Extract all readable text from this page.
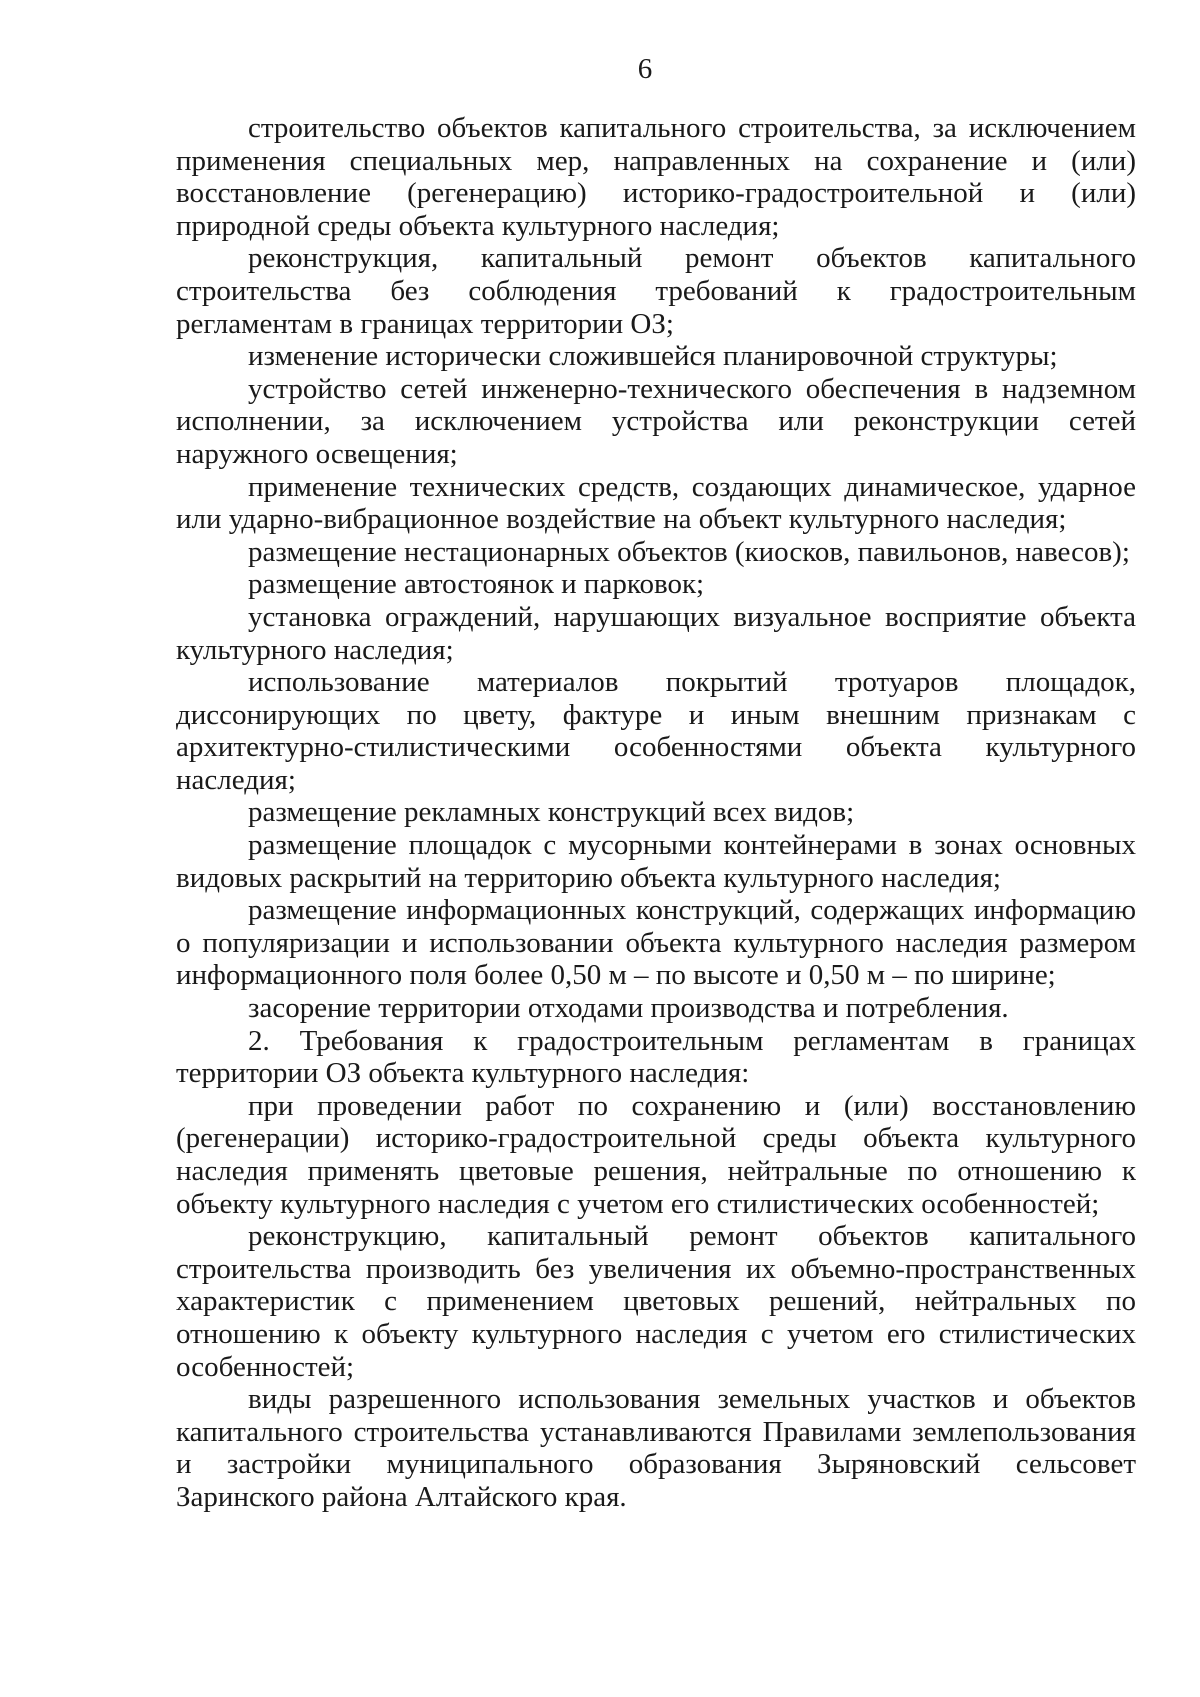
6

строительство объектов капитального строительства, за исключением применения специальных мер, направленных на сохранение и (или) восстановление (регенерацию) историко-градостроительной и (или) природной среды объекта культурного наследия;

реконструкция, капитальный ремонт объектов капитального строительства без соблюдения требований к градостроительным регламентам в границах территории ОЗ;

изменение исторически сложившейся планировочной структуры;

устройство сетей инженерно-технического обеспечения в надземном исполнении, за исключением устройства или реконструкции сетей наружного освещения;

применение технических средств, создающих динамическое, ударное или ударно-вибрационное воздействие на объект культурного наследия;

размещение нестационарных объектов (киосков, павильонов, навесов);

размещение автостоянок и парковок;

установка ограждений, нарушающих визуальное восприятие объекта культурного наследия;

использование материалов покрытий тротуаров площадок, диссонирующих по цвету, фактуре и иным внешним признакам с архитектурно-стилистическими особенностями объекта культурного наследия;

размещение рекламных конструкций всех видов;

размещение площадок с мусорными контейнерами в зонах основных видовых раскрытий на территорию объекта культурного наследия;

размещение информационных конструкций, содержащих информацию о популяризации и использовании объекта культурного наследия размером информационного поля более 0,50 м – по высоте и 0,50 м – по ширине;

засорение территории отходами производства и потребления.

2. Требования к градостроительным регламентам в границах территории ОЗ объекта культурного наследия:

при проведении работ по сохранению и (или) восстановлению (регенерации) историко-градостроительной среды объекта культурного наследия применять цветовые решения, нейтральные по отношению к объекту культурного наследия с учетом его стилистических особенностей;

реконструкцию, капитальный ремонт объектов капитального строительства производить без увеличения их объемно-пространственных характеристик с применением цветовых решений, нейтральных по отношению к объекту культурного наследия с учетом его стилистических особенностей;

виды разрешенного использования земельных участков и объектов капитального строительства устанавливаются Правилами землепользования и застройки муниципального образования Зыряновский сельсовет Заринского района Алтайского края.
